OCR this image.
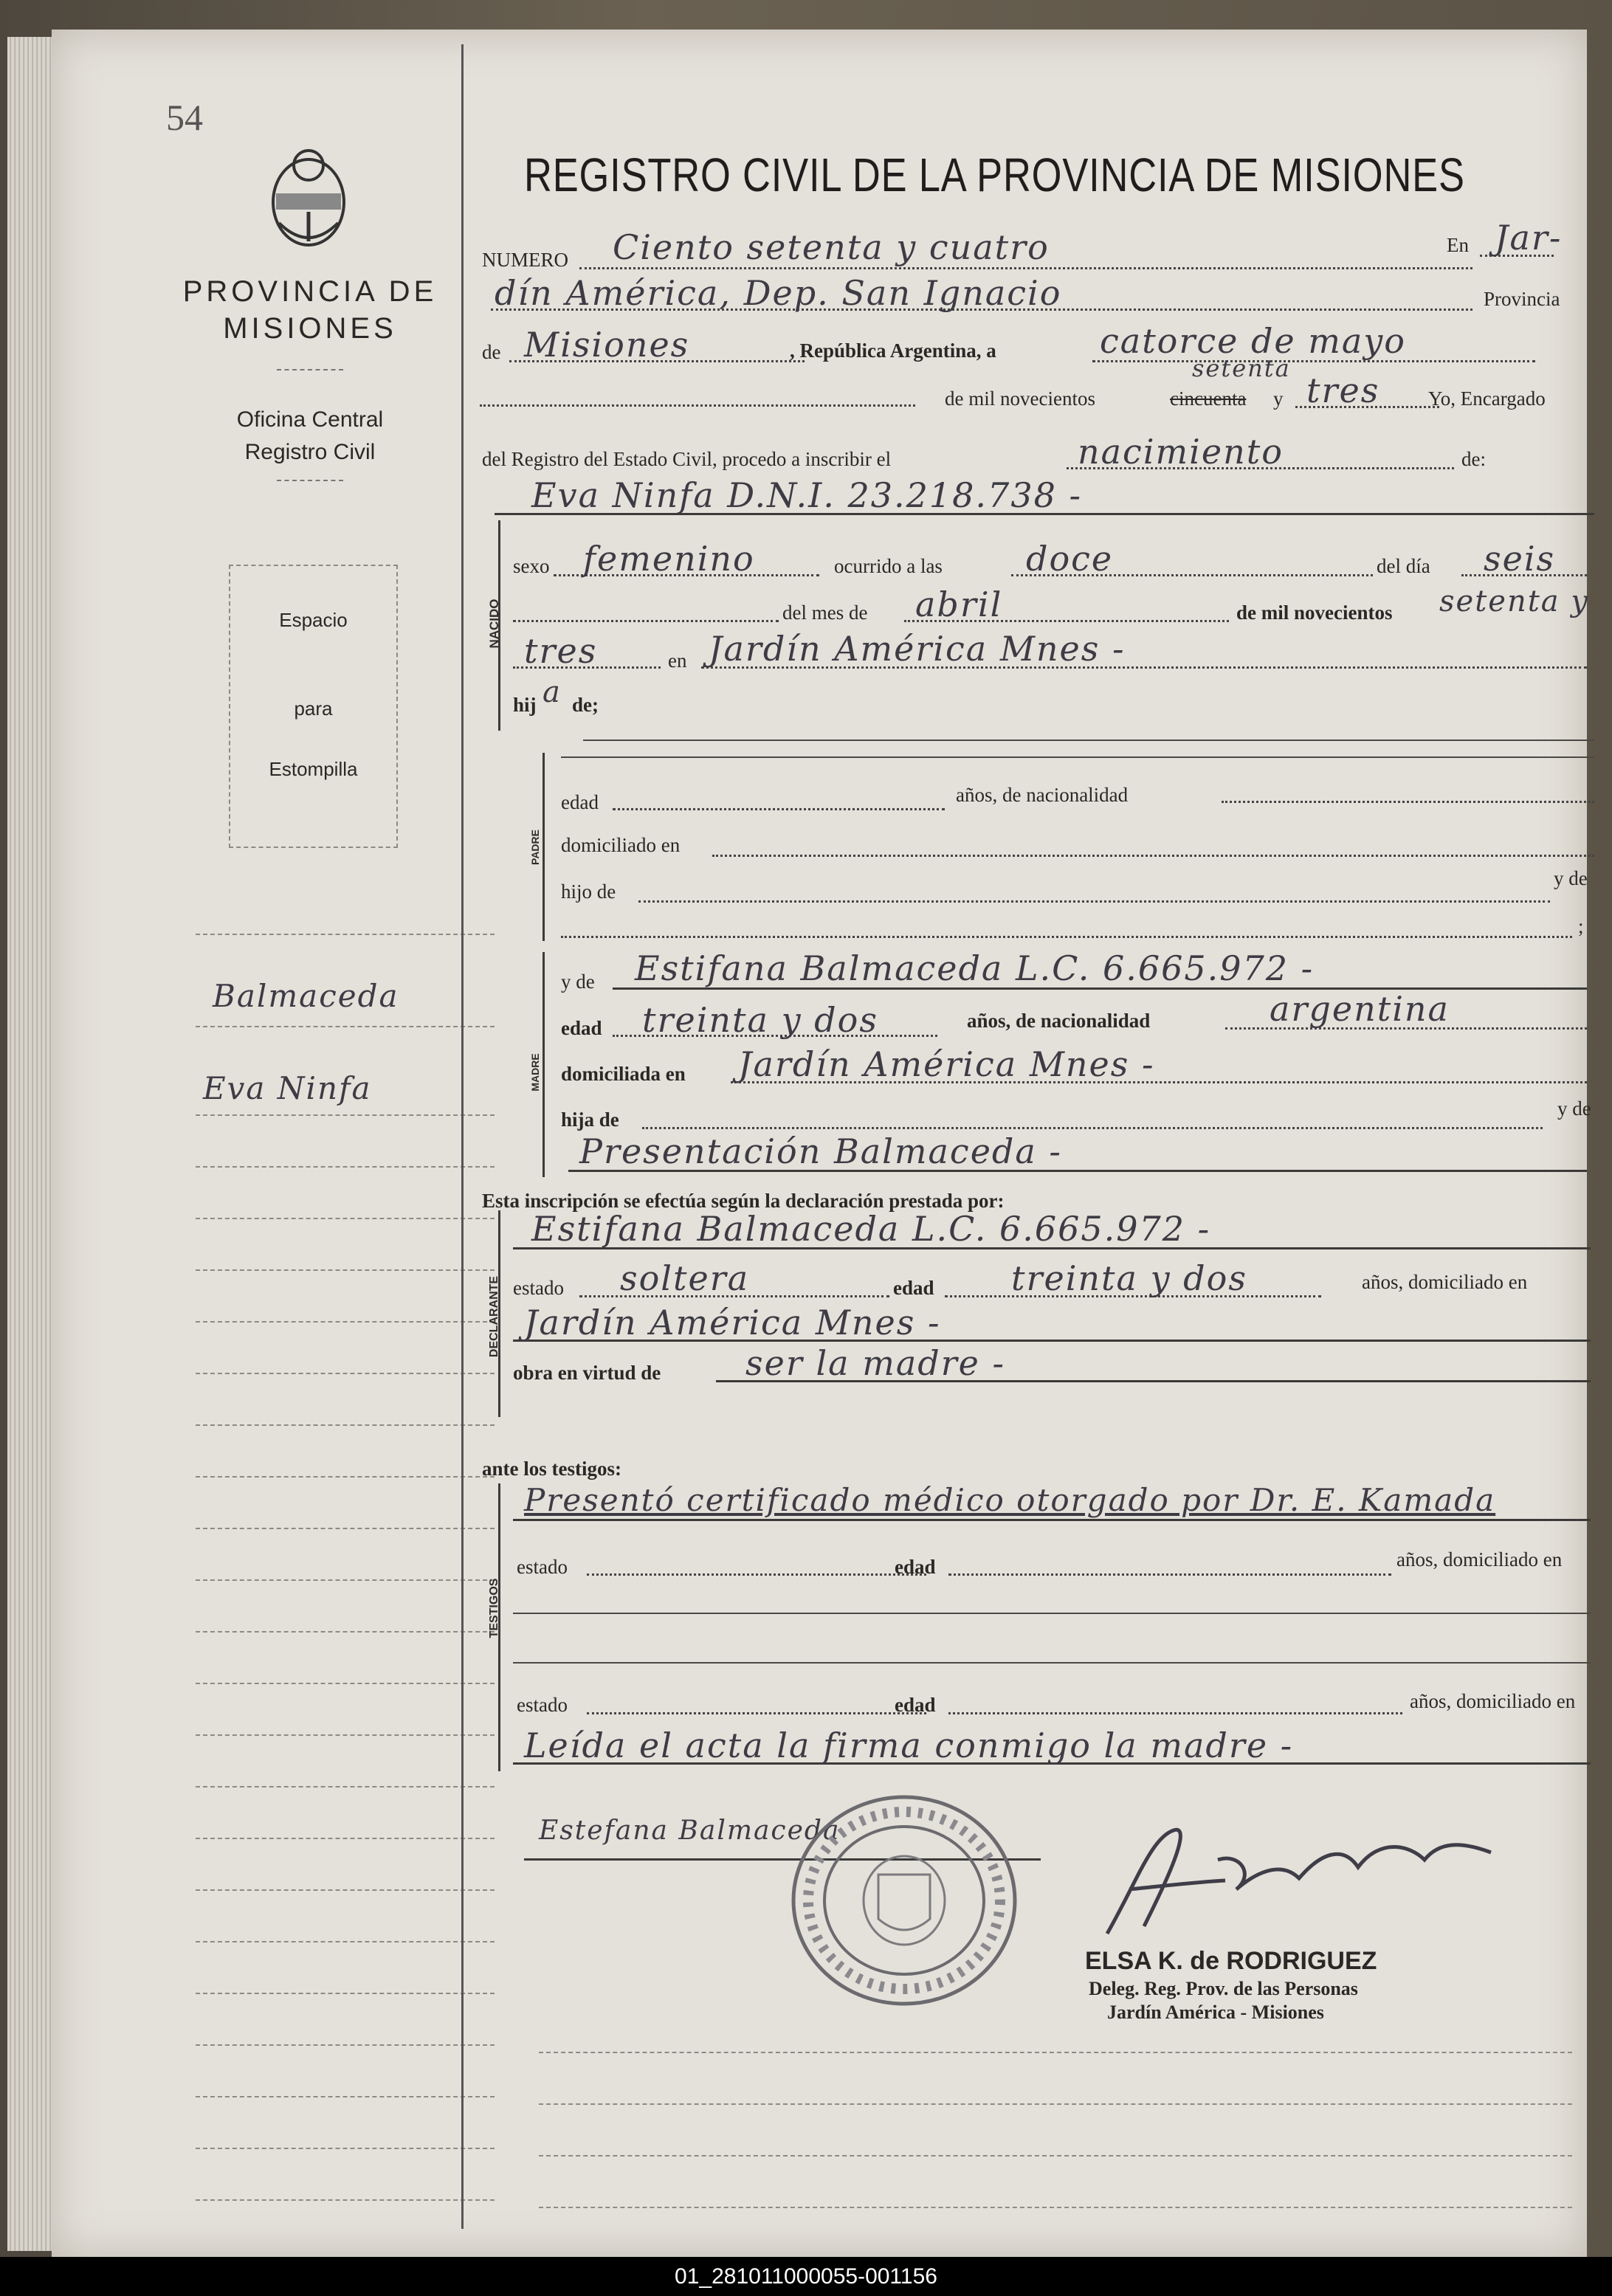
54
PROVINCIA DE MISIONES
Oficina Central
Registro Civil
Espacio
para
Estompilla
Balmaceda
Eva Ninfa
REGISTRO CIVIL DE LA PROVINCIA DE MISIONES
NUMERO Ciento setenta y cuatro	En Jar-
dín América, Dep. San Ignacio	Provincia
de Misiones	, República Argentina, a	catorce de mayo
de mil novecientos	cincuenta
setenta
y tres Yo, Encargado
del Registro del Estado Civil, procedo a inscribir el	nacimiento	de:
Eva Ninfa D.N.I. 23.218.738 -
NACIDO
sexo femenino	ocurrido a las doce	del día seis
del mes de abril	de mil novecientos setenta y
tres	en Jardín América Mnes -
hij a de;
PADRE
edad	años, de nacionalidad
domiciliado en
hijo de
y de
;
MADRE
y de Estifana Balmaceda L.C. 6.665.972 -
edad treinta y dos	años, de nacionalidad	argentina
domiciliada en Jardín América Mnes -
hija de	y de
Presentación Balmaceda -
Esta inscripción se efectúa según la declaración prestada por:
DECLARANTE
Estifana Balmaceda L.C. 6.665.972 -
estado soltera	edad treinta y dos	años, domiciliado en
Jardín América Mnes -
obra en virtud de ser la madre -
ante los testigos:
TESTIGOS
Presentó certificado médico otorgado por Dr. E. Kamada
estado	edad	años, domiciliado en
estado	edad	años, domiciliado en
Leída el acta la firma conmigo la madre -
Estefana Balmaceda
ELSA K. de RODRIGUEZ
Deleg. Reg. Prov. de las Personas
Jardín América - Misiones
01_281011000055-001156
